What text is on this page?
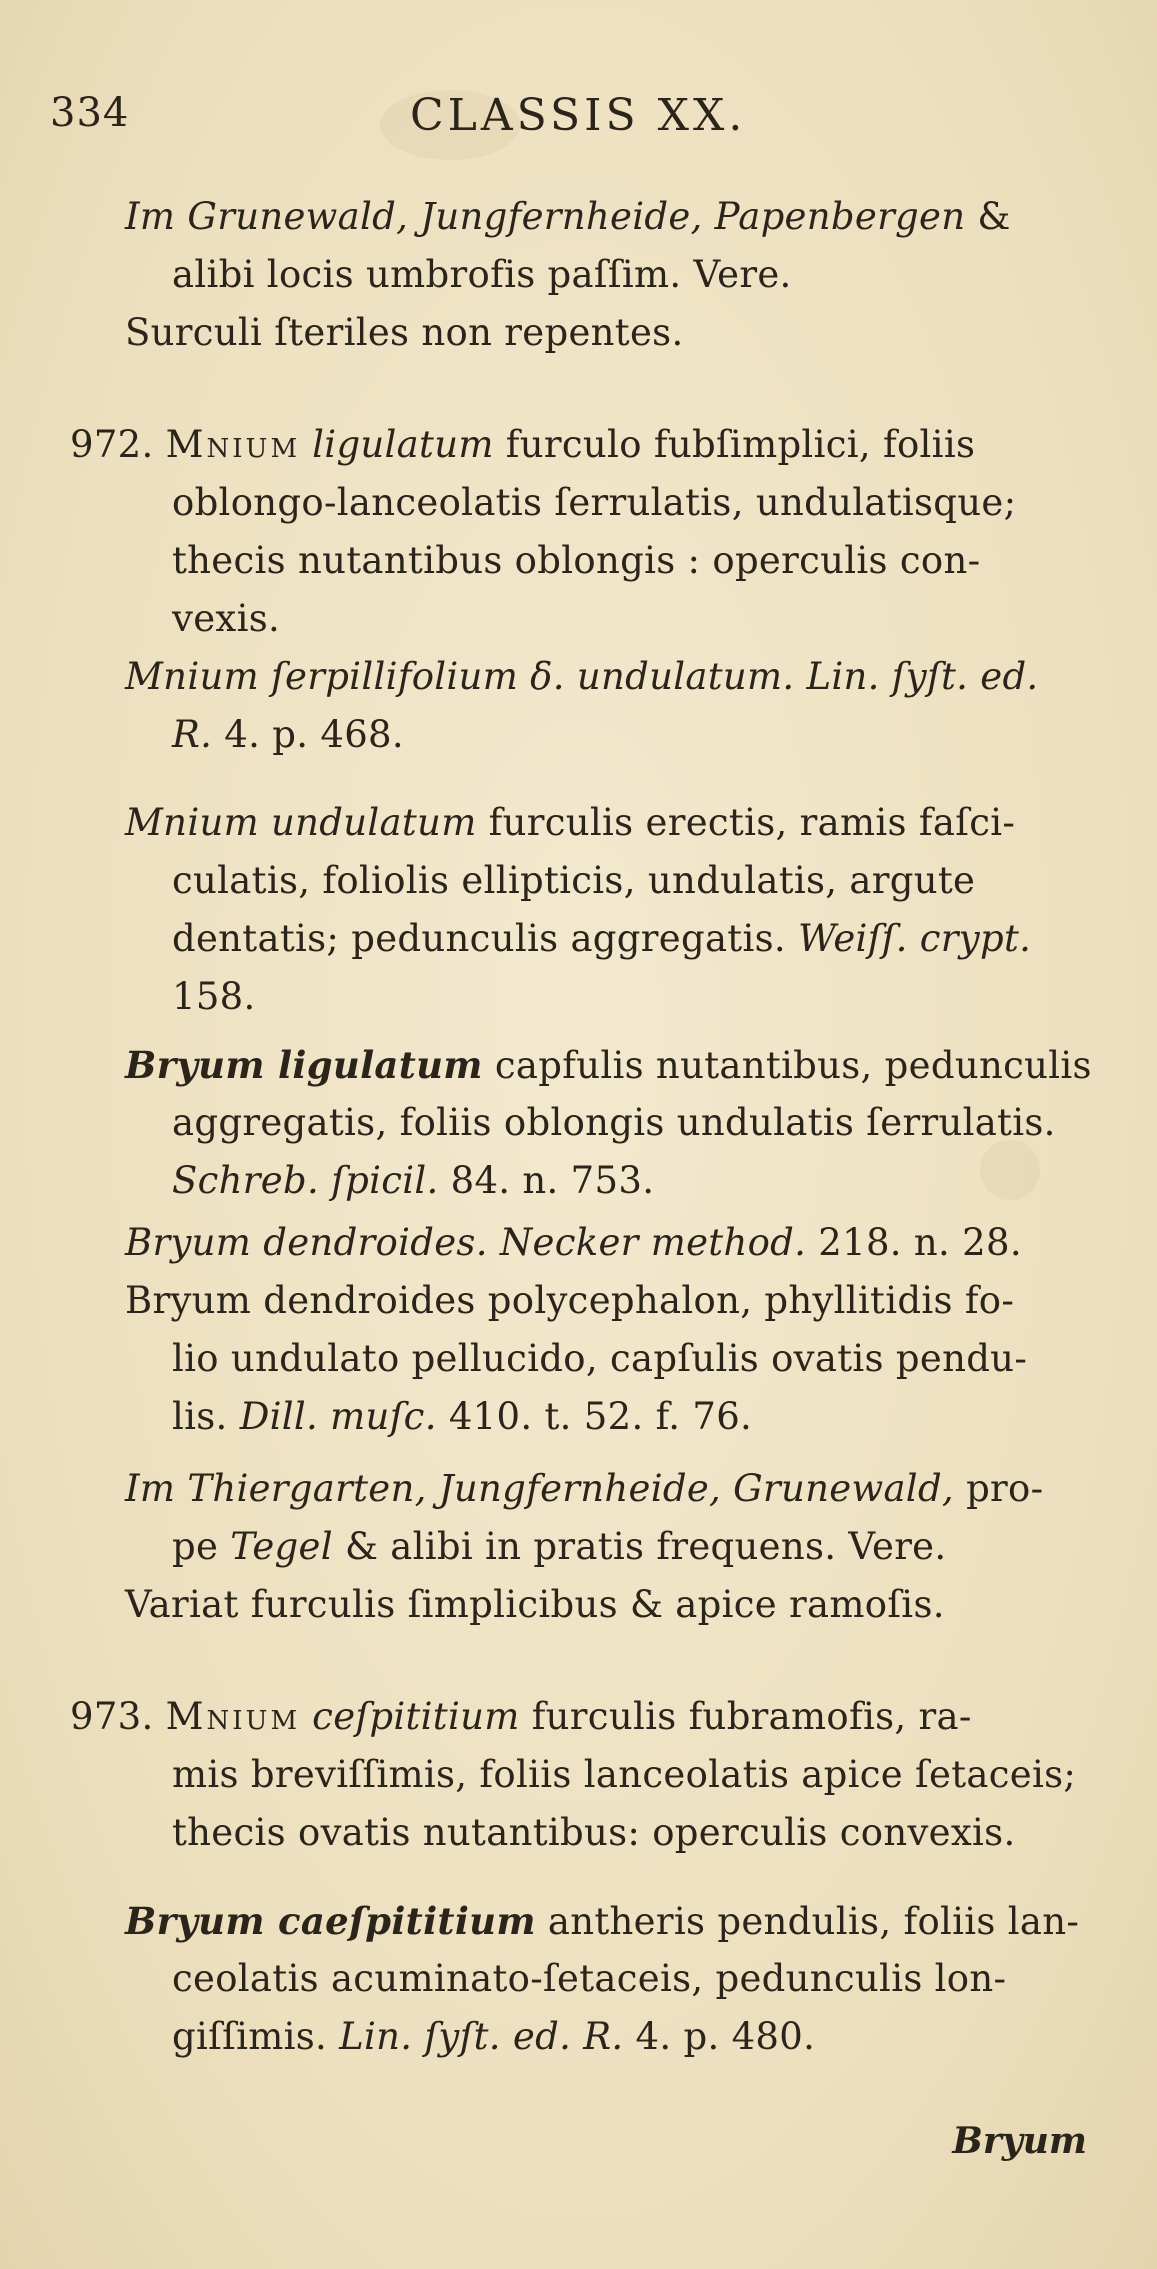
334	CLASSIS XX.
Im Grunewald, Jungfernheide, Papenbergen &
alibi locis umbrofis paſſim. Vere.
Surculi ſteriles non repentes.
972. Mnium ligulatum furculo fubſimplici, foliis
oblongo-lanceolatis ſerrulatis, undulatisque;
thecis nutantibus oblongis : operculis con-
vexis.
Mnium ſerpillifolium δ. undulatum. Lin. ſyſt. ed.
R. 4. p. 468.
Mnium undulatum furculis erectis, ramis faſci-
culatis, foliolis ellipticis, undulatis, argute
dentatis; pedunculis aggregatis. Weiſſ. crypt.
158.
Bryum ligulatum capfulis nutantibus, pedunculis
aggregatis, foliis oblongis undulatis ſerrulatis.
Schreb. ſpicil. 84. n. 753.
Bryum dendroides. Necker method. 218. n. 28.
Bryum dendroides polycephalon, phyllitidis fo-
lio undulato pellucido, capſulis ovatis pendu-
lis. Dill. muſc. 410. t. 52. f. 76.
Im Thiergarten, Jungfernheide, Grunewald, pro-
pe Tegel & alibi in pratis frequens. Vere.
Variat furculis ſimplicibus & apice ramoſis.
973. Mnium ceſpititium furculis fubramofis, ra-
mis breviſſimis, foliis lanceolatis apice ſetaceis;
thecis ovatis nutantibus: operculis convexis.
Bryum caeſpititium antheris pendulis, foliis lan-
ceolatis acuminato-ſetaceis, pedunculis lon-
giſſimis. Lin. ſyſt. ed. R. 4. p. 480.
Bryum
